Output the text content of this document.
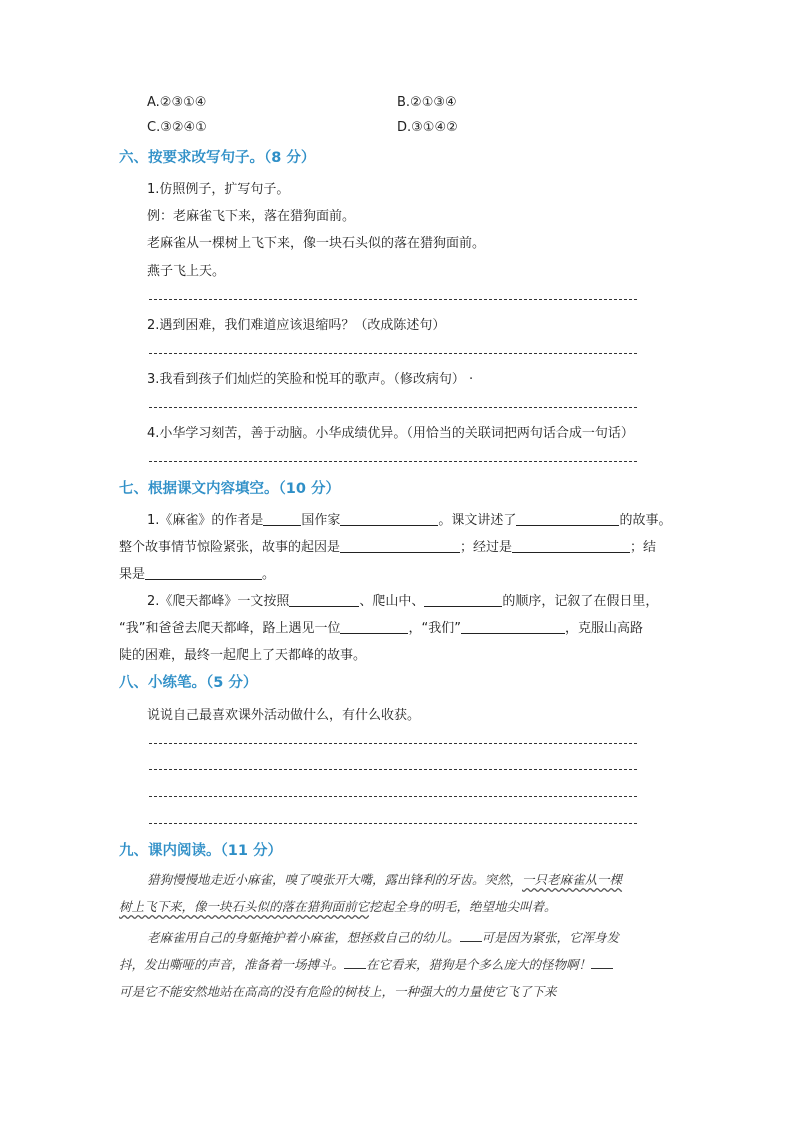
A.②③①④	B.②①③④
C.③②④①	D.③①④②
六、按要求改写句子。（8 分）
1.仿照例子，扩写句子。
例：老麻雀飞下来，落在猎狗面前。
老麻雀从一棵树上飞下来，像一块石头似的落在猎狗面前。
燕子飞上天。
2.遇到困难，我们难道应该退缩吗？（改成陈述句）
3.我看到孩子们灿烂的笑脸和悦耳的歌声。（修改病句） ·
4.小华学习刻苦，善于动脑。小华成绩优异。（用恰当的关联词把两句话合成一句话）
七、根据课文内容填空。（10 分）
1.《麻雀》的作者是	国作家	。课文讲述了	的故事。
整个故事情节惊险紧张，故事的起因是	；经过是	；结
果是	。
2.《爬天都峰》一文按照	、爬山中、	的顺序，记叙了在假日里，
“我”和爸爸去爬天都峰，路上遇见一位	，“我们”	，克服山高路
陡的困难，最终一起爬上了天都峰的故事。
八、小练笔。（5 分）
说说自己最喜欢课外活动做什么，有什么收获。
九、课内阅读。（11 分）
猎狗慢慢地走近小麻雀，嗅了嗅张开大嘴，露出锋利的牙齿。突然，一只老麻雀从一棵
树上飞下来，像一块石头似的落在猎狗面前它挖起全身的明毛，绝望地尖叫着。
老麻雀用自己的身躯掩护着小麻雀，想拯救自己的幼儿。 可是因为紧张，它浑身发
抖，发出嘶哑的声音，准备着一场搏斗。 在它看来，猎狗是个多么庞大的怪物啊！
可是它不能安然地站在高高的没有危险的树枝上，一种强大的力量使它飞了下来
